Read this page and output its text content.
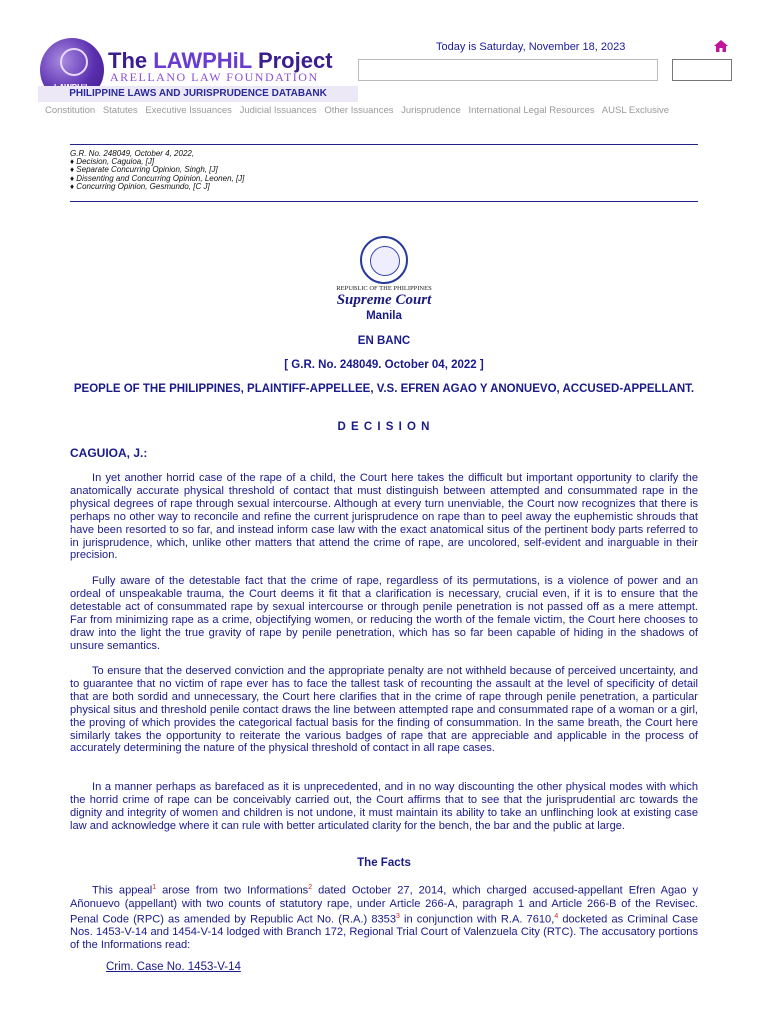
The LAWPHiL Project
ARELLANO LAW FOUNDATION
PHILIPPINE LAWS AND JURISPRUDENCE DATABANK
Today is Saturday, November 18, 2023
Constitution Statutes Executive Issuances Judicial Issuances Other Issuances Jurisprudence International Legal Resources AUSL Exclusive
G.R. No. 248049, October 4, 2022,
♦ Decision, Caguioa, [J]
♦ Separate Concurring Opinion, Singh, [J]
♦ Dissenting and Concurring Opinion, Leonen, [J]
♦ Concurring Opinion, Gesmundo, [C J]
REPUBLIC OF THE PHILIPPINES
Supreme Court
Manila
EN BANC
[ G.R. No. 248049. October 04, 2022 ]
PEOPLE OF THE PHILIPPINES, PLAINTIFF-APPELLEE, V.S. EFREN AGAO Y ANONUEVO, ACCUSED-APPELLANT.
D E C I S I O N
CAGUIOA, J.:
In yet another horrid case of the rape of a child, the Court here takes the difficult but important opportunity to clarify the anatomically accurate physical threshold of contact that must distinguish between attempted and consummated rape in the physical degrees of rape through sexual intercourse. Although at every turn unenviable, the Court now recognizes that there is perhaps no other way to reconcile and refine the current jurisprudence on rape than to peel away the euphemistic shrouds that have been resorted to so far, and instead inform case law with the exact anatomical situs of the pertinent body parts referred to in jurisprudence, which, unlike other matters that attend the crime of rape, are uncolored, self-evident and inarguable in their precision.
Fully aware of the detestable fact that the crime of rape, regardless of its permutations, is a violence of power and an ordeal of unspeakable trauma, the Court deems it fit that a clarification is necessary, crucial even, if it is to ensure that the detestable act of consummated rape by sexual intercourse or through penile penetration is not passed off as a mere attempt. Far from minimizing rape as a crime, objectifying women, or reducing the worth of the female victim, the Court here chooses to draw into the light the true gravity of rape by penile penetration, which has so far been capable of hiding in the shadows of unsure semantics.
To ensure that the deserved conviction and the appropriate penalty are not withheld because of perceived uncertainty, and to guarantee that no victim of rape ever has to face the tallest task of recounting the assault at the level of specificity of detail that are both sordid and unnecessary, the Court here clarifies that in the crime of rape through penile penetration, a particular physical situs and threshold penile contact draws the line between attempted rape and consummated rape of a woman or a girl, the proving of which provides the categorical factual basis for the finding of consummation. In the same breath, the Court here similarly takes the opportunity to reiterate the various badges of rape that are appreciable and applicable in the process of accurately determining the nature of the physical threshold of contact in all rape cases.
In a manner perhaps as barefaced as it is unprecedented, and in no way discounting the other physical modes with which the horrid crime of rape can be conceivably carried out, the Court affirms that to see that the jurisprudential arc towards the dignity and integrity of women and children is not undone, it must maintain its ability to take an unflinching look at existing case law and acknowledge where it can rule with better articulated clarity for the bench, the bar and the public at large.
The Facts
This appeal$^1$ arose from two Informations$^2$ dated October 27, 2014, which charged accused-appellant Efren Agao y Añonuevo (appellant) with two counts of statutory rape, under Article 266-A, paragraph 1 and Article 266-B of the Revisec. Penal Code (RPC) as amended by Republic Act No. (R.A.) 8353$^3$ in conjunction with R.A. 7610,$^4$ docketed as Criminal Case Nos. 1453-V-14 and 1454-V-14 lodged with Branch 172, Regional Trial Court of Valenzuela City (RTC). The accusatory portions of the Informations read:
Crim. Case No. 1453-V-14
